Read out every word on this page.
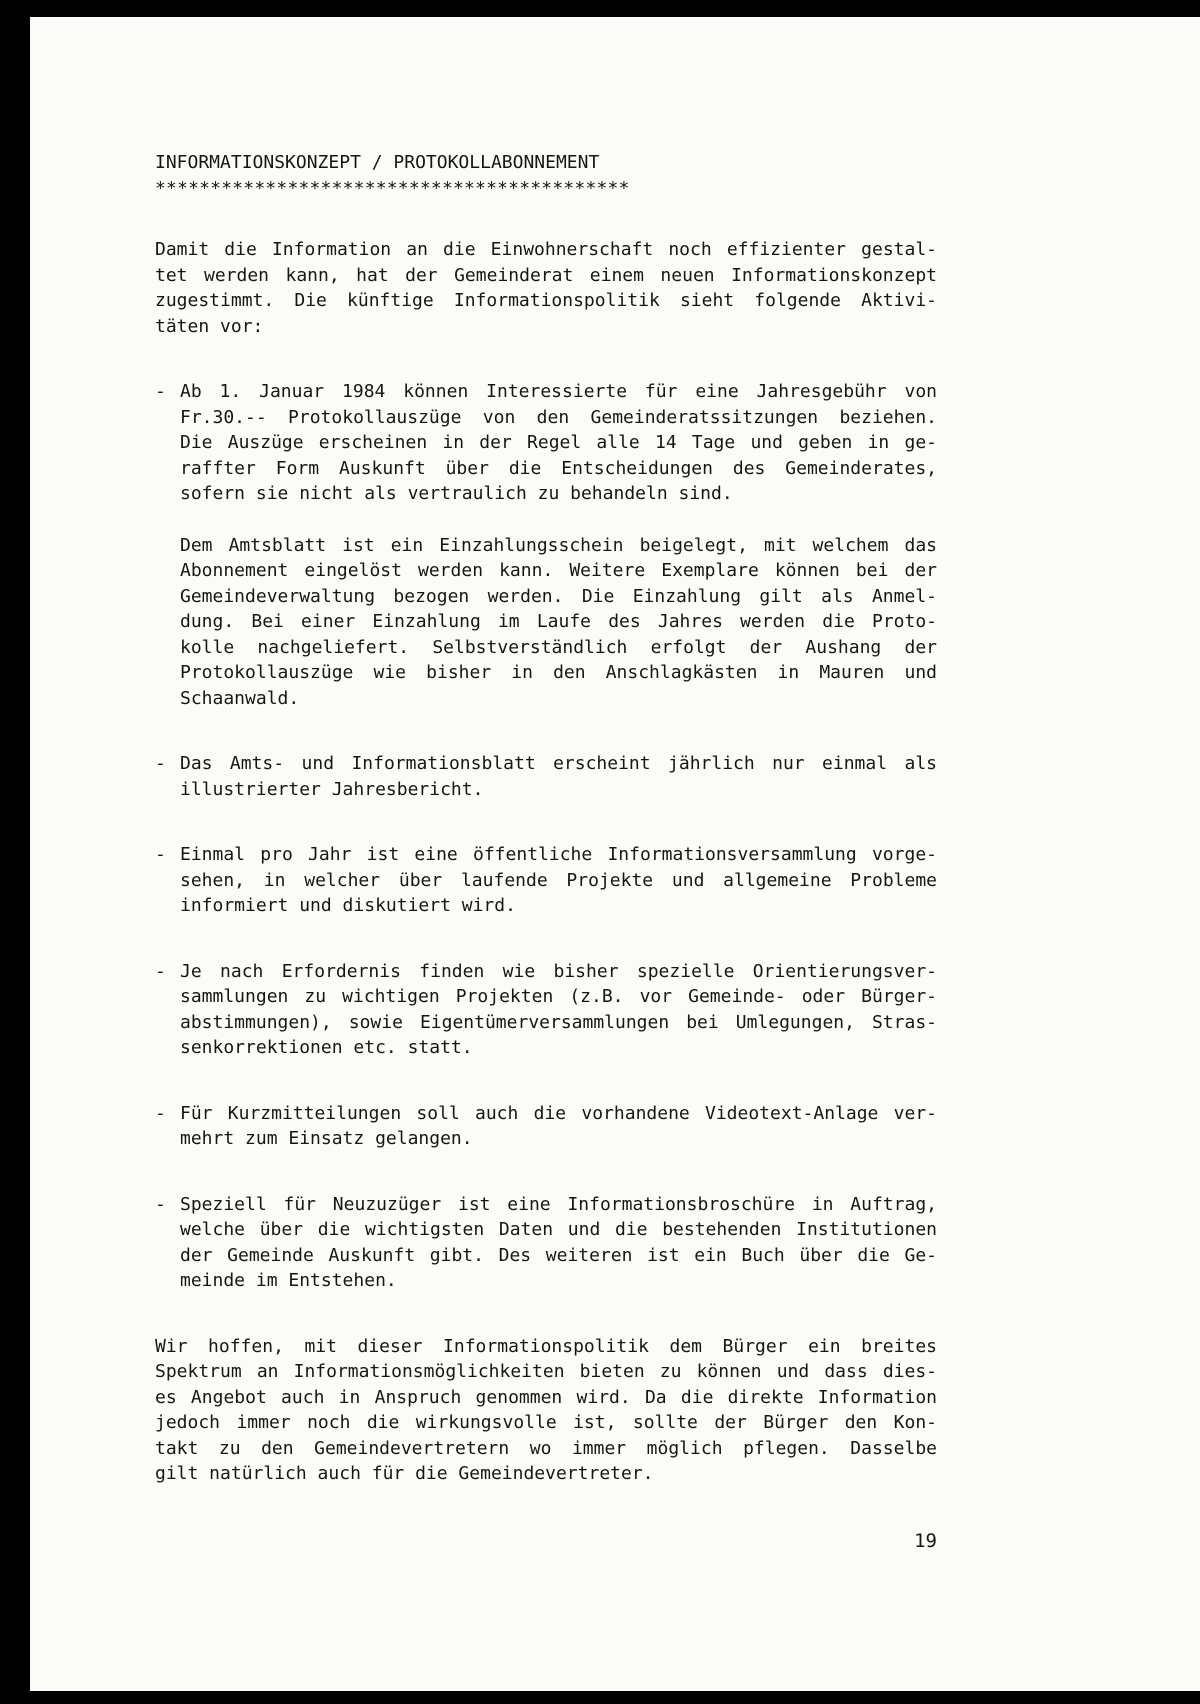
INFORMATIONSKONZEPT / PROTOKOLLABONNEMENT
*******************************************
Damit die Information an die Einwohnerschaft noch effizienter gestal-
tet werden kann, hat der Gemeinderat einem neuen Informationskonzept
zugestimmt. Die künftige Informationspolitik sieht folgende Aktivi-
täten vor:
- Ab 1. Januar 1984 können Interessierte für eine Jahresgebühr von
Fr.30.-- Protokollauszüge von den Gemeinderatssitzungen beziehen.
Die Auszüge erscheinen in der Regel alle 14 Tage und geben in ge-
raffter Form Auskunft über die Entscheidungen des Gemeinderates,
sofern sie nicht als vertraulich zu behandeln sind.
Dem Amtsblatt ist ein Einzahlungsschein beigelegt, mit welchem das
Abonnement eingelöst werden kann. Weitere Exemplare können bei der
Gemeindeverwaltung bezogen werden. Die Einzahlung gilt als Anmel-
dung. Bei einer Einzahlung im Laufe des Jahres werden die Proto-
kolle nachgeliefert. Selbstverständlich erfolgt der Aushang der
Protokollauszüge wie bisher in den Anschlagkästen in Mauren und
Schaanwald.
- Das Amts- und Informationsblatt erscheint jährlich nur einmal als
illustrierter Jahresbericht.
- Einmal pro Jahr ist eine öffentliche Informationsversammlung vorge-
sehen, in welcher über laufende Projekte und allgemeine Probleme
informiert und diskutiert wird.
- Je nach Erfordernis finden wie bisher spezielle Orientierungsver-
sammlungen zu wichtigen Projekten (z.B. vor Gemeinde- oder Bürger-
abstimmungen), sowie Eigentümerversammlungen bei Umlegungen, Stras-
senkorrektionen etc. statt.
- Für Kurzmitteilungen soll auch die vorhandene Videotext-Anlage ver-
mehrt zum Einsatz gelangen.
- Speziell für Neuzuzüger ist eine Informationsbroschüre in Auftrag,
welche über die wichtigsten Daten und die bestehenden Institutionen
der Gemeinde Auskunft gibt. Des weiteren ist ein Buch über die Ge-
meinde im Entstehen.
Wir hoffen, mit dieser Informationspolitik dem Bürger ein breites
Spektrum an Informationsmöglichkeiten bieten zu können und dass dies-
es Angebot auch in Anspruch genommen wird. Da die direkte Information
jedoch immer noch die wirkungsvolle ist, sollte der Bürger den Kon-
takt zu den Gemeindevertretern wo immer möglich pflegen. Dasselbe
gilt natürlich auch für die Gemeindevertreter.
19
